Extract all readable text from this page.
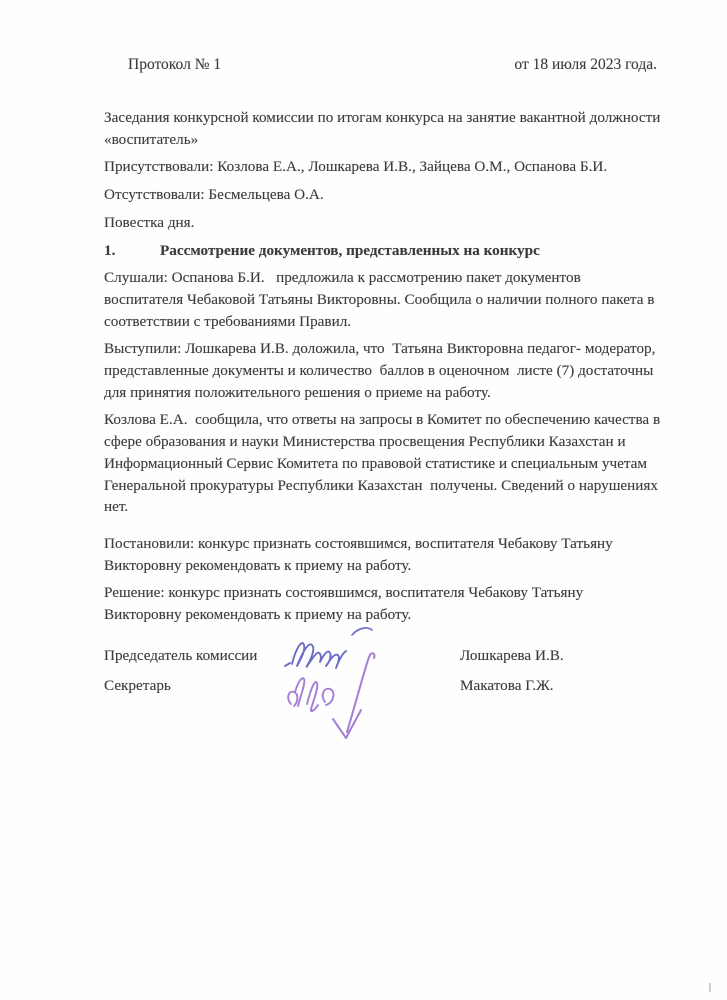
Протокол № 1	от 18 июля 2023 года.

Заседания конкурсной комиссии по итогам конкурса на занятие вакантной должности «воспитатель»

Присутствовали: Козлова Е.А., Лошкарева И.В., Зайцева О.М., Оспанова Б.И.

Отсутствовали: Бесмельцева О.А.

Повестка дня.

1.	Рассмотрение документов, представленных на конкурс

Слушали: Оспанова Б.И.   предложила к рассмотрению пакет документов воспитателя Чебаковой Татьяны Викторовны. Сообщила о наличии полного пакета в соответствии с требованиями Правил.

Выступили: Лошкарева И.В. доложила, что  Татьяна Викторовна педагог- модератор, представленные документы и количество  баллов в оценочном  листе (7) достаточны для принятия положительного решения о приеме на работу.

Козлова Е.А.  сообщила, что ответы на запросы в Комитет по обеспечению качества в сфере образования и науки Министерства просвещения Республики Казахстан и Информационный Сервис Комитета по правовой статистике и специальным учетам Генеральной прокуратуры Республики Казахстан  получены. Сведений о нарушениях нет.

Постановили: конкурс признать состоявшимся, воспитателя Чебакову Татьяну Викторовну рекомендовать к приему на работу.

Решение: конкурс признать состоявшимся, воспитателя Чебакову Татьяну Викторовну рекомендовать к приему на работу.

Председатель комиссии	Лошкарева И.В.
Секретарь	Макатова Г.Ж.
